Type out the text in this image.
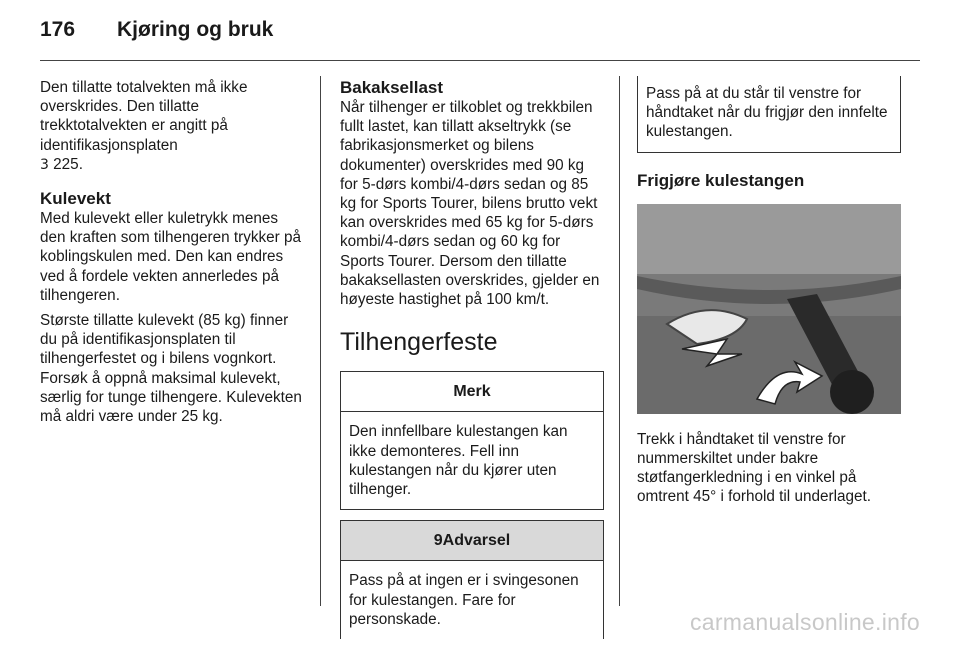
176 Kjøring og bruk

Den tillatte totalvekten må ikke overskrides. Den tillatte trekktotalvekten er angitt på identifikasjonsplaten
3 225.

Kulevekt

Med kulevekt eller kuletrykk menes den kraften som tilhengeren trykker på koblingskulen med. Den kan endres ved å fordele vekten annerledes på tilhengeren.

Største tillatte kulevekt (85 kg) finner du på identifikasjonsplaten til tilhengerfestet og i bilens vognkort. Forsøk å oppnå maksimal kulevekt, særlig for tunge tilhengere. Kulevekten må aldri være under 25 kg.

Bakaksellast

Når tilhenger er tilkoblet og trekkbilen fullt lastet, kan tillatt akseltrykk (se fabrikasjonsmerket og bilens dokumenter) overskrides med 90 kg for 5-dørs kombi/4-dørs sedan og 85 kg for Sports Tourer, bilens brutto vekt kan overskrides med 65 kg for 5-dørs kombi/4-dørs sedan og 60 kg for Sports Tourer. Dersom den tillatte bakaksellasten overskrides, gjelder en høyeste hastighet på 100 km/t.

Tilhengerfeste
Merk
Den innfellbare kulestangen kan ikke demonteres. Fell inn kulestangen når du kjører uten tilhenger.
9Advarsel
Pass på at ingen er i svingesonen for kulestangen. Fare for personskade.
Pass på at du står til venstre for håndtaket når du frigjør den innfelte kulestangen.
Frigjøre kulestangen

Trekk i håndtaket til venstre for nummerskiltet under bakre støtfangerkledning i en vinkel på omtrent 45° i forhold til underlaget.

carmanualsonline.info
